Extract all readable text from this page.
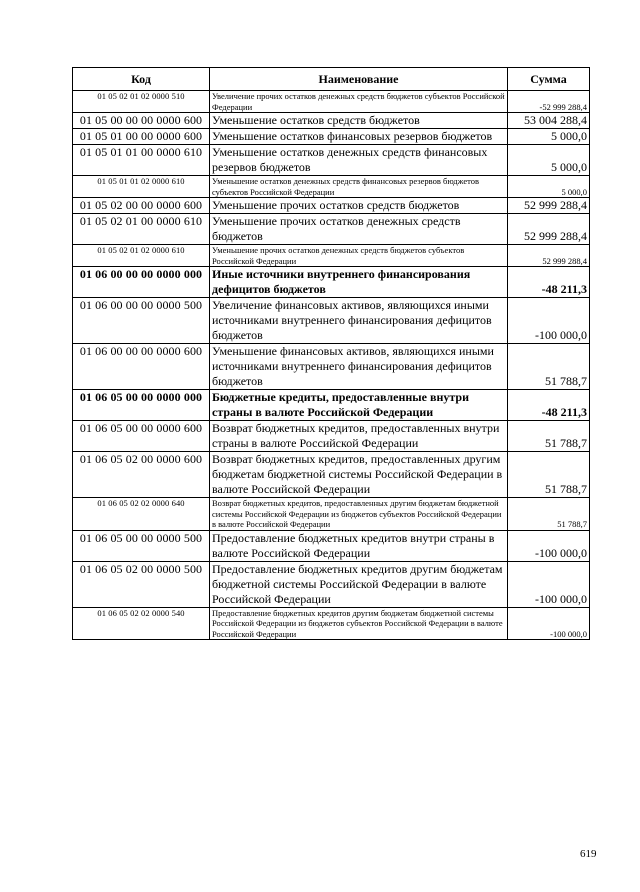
Код	Наименование	Сумма
01 05 02 01 02 0000 510	Увеличение прочих остатков денежных средств бюджетов субъектов Российской Федерации	-52 999 288,4
01 05 00 00 00 0000 600	Уменьшение остатков средств бюджетов	53 004 288,4
01 05 01 00 00 0000 600	Уменьшение остатков финансовых резервов бюджетов	5 000,0
01 05 01 01 00 0000 610	Уменьшение остатков денежных средств финансовых резервов бюджетов	5 000,0
01 05 01 01 02 0000 610	Уменьшение остатков денежных средств финансовых резервов бюджетов субъектов Российской Федерации	5 000,0
01 05 02 00 00 0000 600	Уменьшение прочих остатков средств бюджетов	52 999 288,4
01 05 02 01 00 0000 610	Уменьшение прочих остатков денежных средств бюджетов	52 999 288,4
01 05 02 01 02 0000 610	Уменьшение прочих остатков денежных средств бюджетов субъектов Российской Федерации	52 999 288,4
01 06 00 00 00 0000 000	Иные источники внутреннего финансирования дефицитов бюджетов	-48 211,3
01 06 00 00 00 0000 500	Увеличение финансовых активов, являющихся иными источниками внутреннего финансирования дефицитов бюджетов	-100 000,0
01 06 00 00 00 0000 600	Уменьшение финансовых активов, являющихся иными источниками внутреннего финансирования дефицитов бюджетов	51 788,7
01 06 05 00 00 0000 000	Бюджетные кредиты, предоставленные внутри страны в валюте Российской Федерации	-48 211,3
01 06 05 00 00 0000 600	Возврат бюджетных кредитов, предоставленных внутри страны в валюте Российской Федерации	51 788,7
01 06 05 02 00 0000 600	Возврат бюджетных кредитов, предоставленных другим бюджетам бюджетной системы Российской Федерации в валюте Российской Федерации	51 788,7
01 06 05 02 02 0000 640	Возврат бюджетных кредитов, предоставленных другим бюджетам бюджетной системы Российской Федерации из бюджетов субъектов Российской Федерации в валюте Российской Федерации	51 788,7
01 06 05 00 00 0000 500	Предоставление бюджетных кредитов внутри страны в валюте Российской Федерации	-100 000,0
01 06 05 02 00 0000 500	Предоставление бюджетных кредитов другим бюджетам бюджетной системы Российской Федерации в валюте Российской Федерации	-100 000,0
01 06 05 02 02 0000 540	Предоставление бюджетных кредитов другим бюджетам бюджетной системы Российской Федерации из бюджетов субъектов Российской Федерации в валюте Российской Федерации	-100 000,0
619
